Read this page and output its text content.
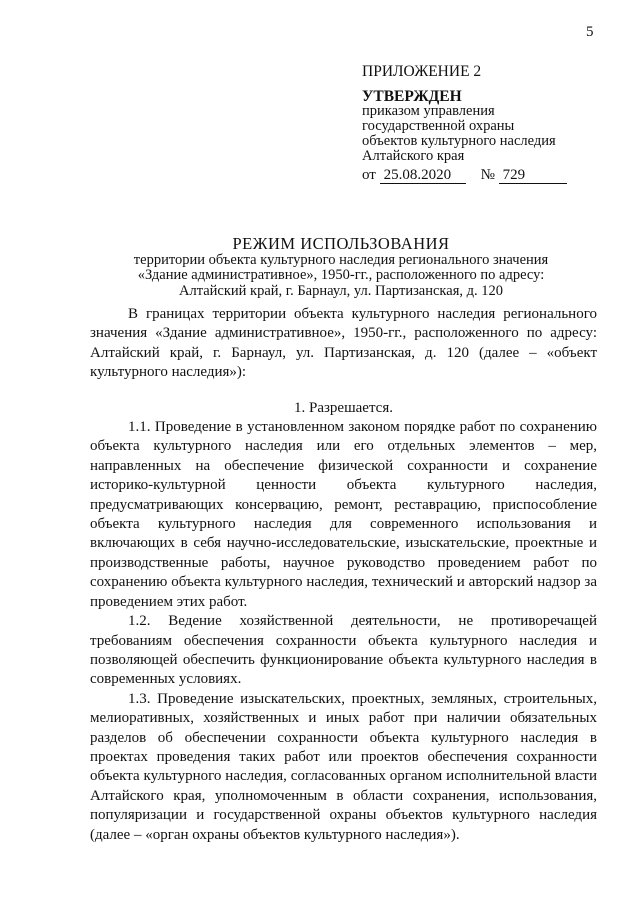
5
ПРИЛОЖЕНИЕ 2
УТВЕРЖДЕН
приказом управления
государственной охраны
объектов культурного наследия
Алтайского края
от 25.08.2020 № 729
РЕЖИМ ИСПОЛЬЗОВАНИЯ
территории объекта культурного наследия регионального значения
«Здание административное», 1950-гг., расположенного по адресу:
Алтайский край, г. Барнаул, ул. Партизанская, д. 120

В границах территории объекта культурного наследия регионального значения «Здание административное», 1950-гг., расположенного по адресу: Алтайский край, г. Барнаул, ул. Партизанская, д. 120 (далее – «объект культурного наследия»):

1. Разрешается.

1.1. Проведение в установленном законом порядке работ по сохранению объекта культурного наследия или его отдельных элементов – мер, направленных на обеспечение физической сохранности и сохранение историко-культурной ценности объекта культурного наследия, предусматривающих консервацию, ремонт, реставрацию, приспособление объекта культурного наследия для современного использования и включающих в себя научно-исследовательские, изыскательские, проектные и производственные работы, научное руководство проведением работ по сохранению объекта культурного наследия, технический и авторский надзор за проведением этих работ.

1.2. Ведение хозяйственной деятельности, не противоречащей требованиям обеспечения сохранности объекта культурного наследия и позволяющей обеспечить функционирование объекта культурного наследия в современных условиях.

1.3. Проведение изыскательских, проектных, земляных, строительных, мелиоративных, хозяйственных и иных работ при наличии обязательных разделов об обеспечении сохранности объекта культурного наследия в проектах проведения таких работ или проектов обеспечения сохранности объекта культурного наследия, согласованных органом исполнительной власти Алтайского края, уполномоченным в области сохранения, использования, популяризации и государственной охраны объектов культурного наследия (далее – «орган охраны объектов культурного наследия»).
